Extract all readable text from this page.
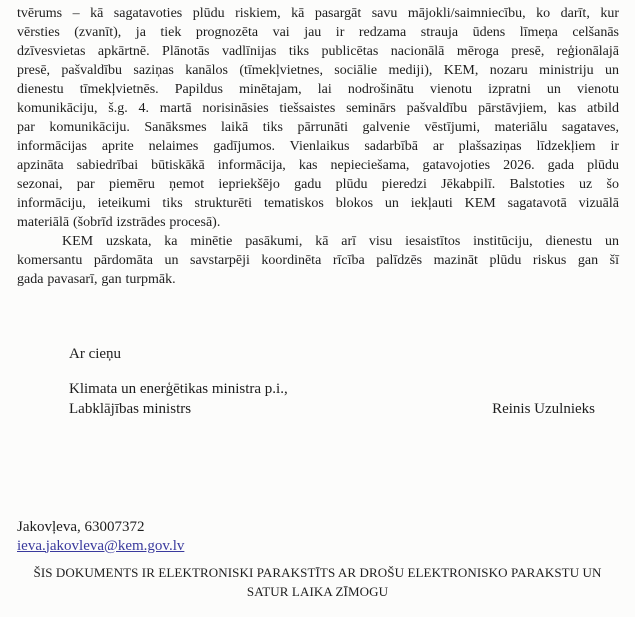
tvērums – kā sagatavoties plūdu riskiem, kā pasargāt savu mājokli/saimniecību, ko darīt, kur
vērsties (zvanīt), ja tiek prognozēta vai jau ir redzama strauja ūdens līmeņa celšanās
dzīvesvietas apkārtnē. Plānotās vadlīnijas tiks publicētas nacionālā mēroga presē, reģionālajā
presē, pašvaldību saziņas kanālos (tīmekļvietnes, sociālie mediji), KEM, nozaru ministriju un
dienestu tīmekļvietnēs. Papildus minētajam, lai nodrošinātu vienotu izpratni un vienotu
komunikāciju, š.g. 4. martā norisināsies tiešsaistes seminārs pašvaldību pārstāvjiem, kas atbild
par komunikāciju. Sanāksmes laikā tiks pārrunāti galvenie vēstījumi, materiālu sagataves,
informācijas aprite nelaimes gadījumos. Vienlaikus sadarbībā ar plašsaziņas līdzekļiem ir
apzināta sabiedrībai būtiskākā informācija, kas nepieciešama, gatavojoties 2026. gada plūdu
sezonai, par piemēru ņemot iepriekšējo gadu plūdu pieredzi Jēkabpilī. Balstoties uz šo
informāciju, ieteikumi tiks strukturēti tematiskos blokos un iekļauti KEM sagatavotā vizuālā
materiālā (šobrīd izstrādes procesā).
KEM uzskata, ka minētie pasākumi, kā arī visu iesaistītos institūciju, dienestu un
komersantu pārdomāta un savstarpēji koordinēta rīcība palīdzēs mazināt plūdu riskus gan šī
gada pavasarī, gan turpmāk.
Ar cieņu
Klimata un enerģētikas ministra p.i.,
Labklājības ministrs	Reinis Uzulnieks
Jakovļeva, 63007372
ieva.jakovleva@kem.gov.lv
ŠIS DOKUMENTS IR ELEKTRONISKI PARAKSTĪTS AR DROŠU ELEKTRONISKO PARAKSTU UN
SATUR LAIKA ZĪMOGU
